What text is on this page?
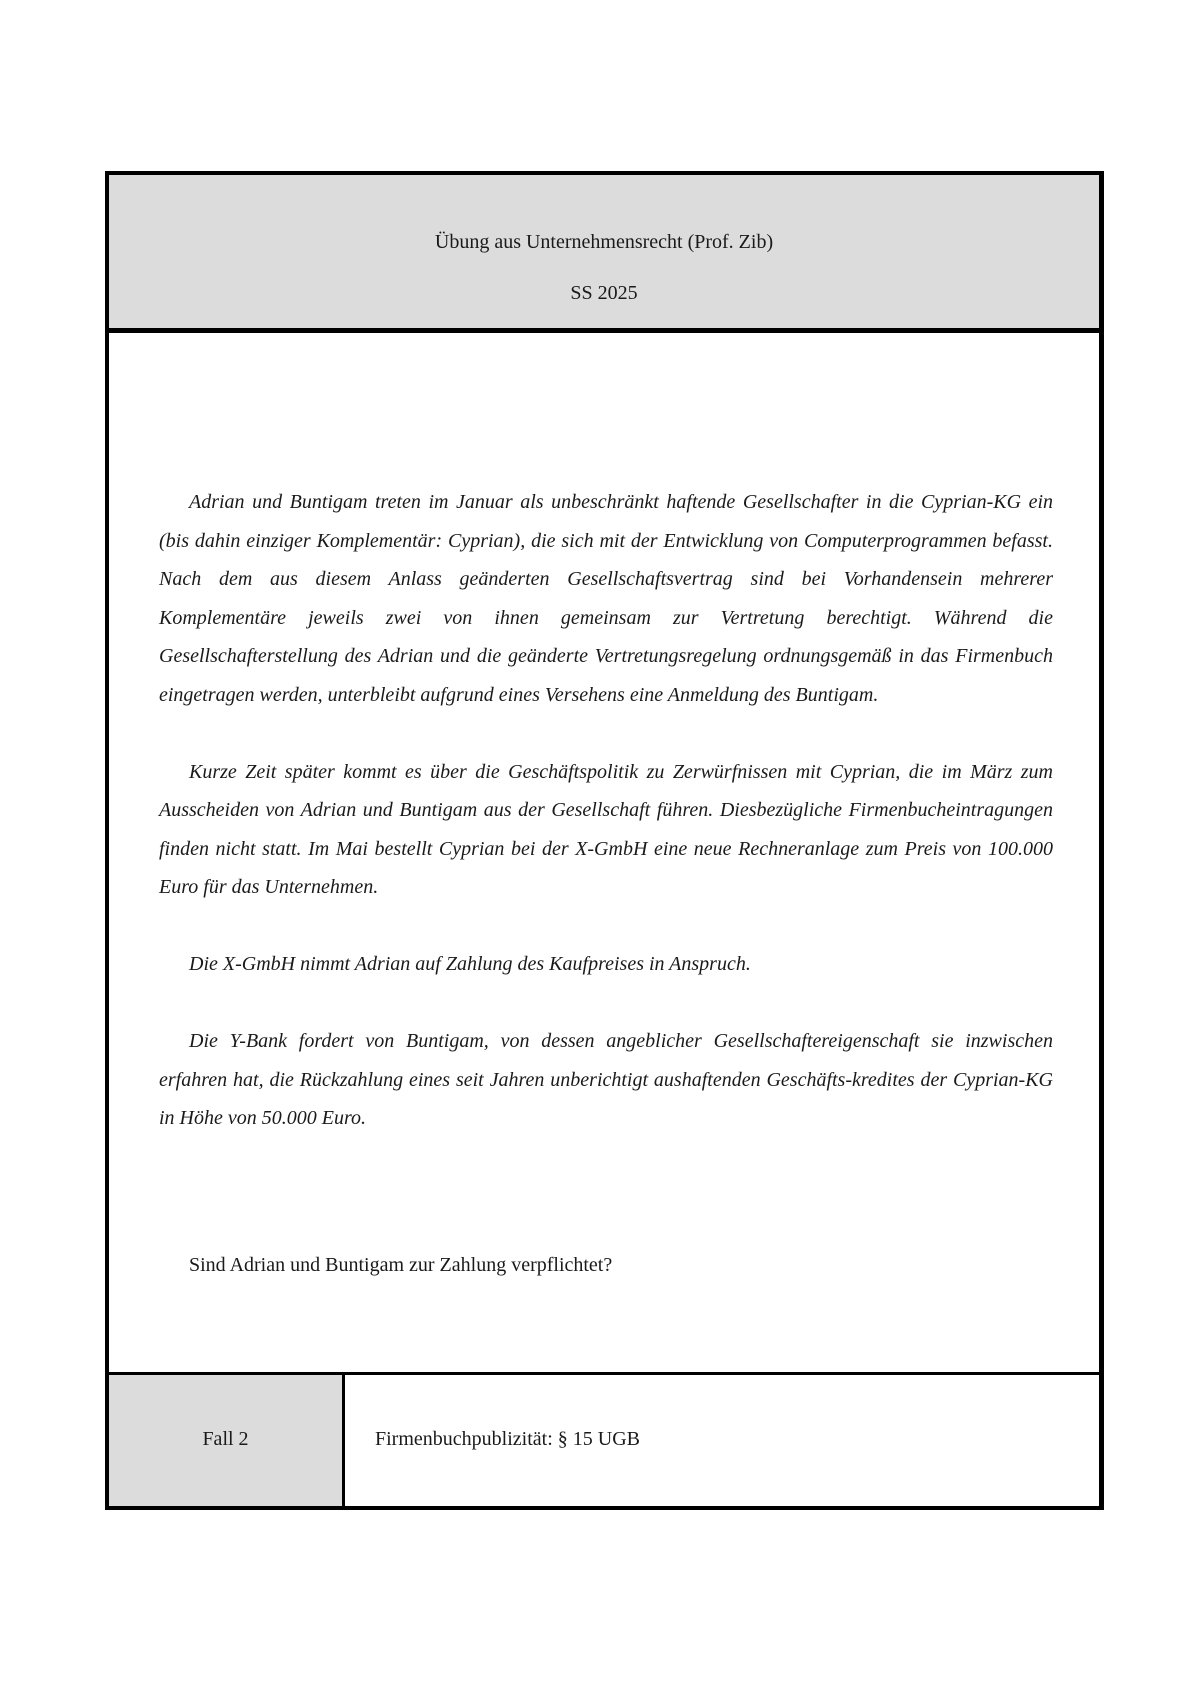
Übung aus Unternehmensrecht (Prof. Zib)
SS 2025

Adrian und Buntigam treten im Januar als unbeschränkt haftende Gesellschafter in die Cyprian-KG ein (bis dahin einziger Komplementär: Cyprian), die sich mit der Entwicklung von Computerprogrammen befasst. Nach dem aus diesem Anlass geänderten Gesellschaftsvertrag sind bei Vorhandensein mehrerer Komplementäre jeweils zwei von ihnen gemeinsam zur Vertretung berechtigt. Während die Gesellschafterstellung des Adrian und die geänderte Vertretungsregelung ordnungsgemäß in das Firmenbuch eingetragen werden, unterbleibt aufgrund eines Versehens eine Anmeldung des Buntigam.

Kurze Zeit später kommt es über die Geschäftspolitik zu Zerwürfnissen mit Cyprian, die im März zum Ausscheiden von Adrian und Buntigam aus der Gesellschaft führen. Diesbezügliche Firmenbucheintragungen finden nicht statt. Im Mai bestellt Cyprian bei der X-GmbH eine neue Rechneranlage zum Preis von 100.000 Euro für das Unternehmen.

Die X-GmbH nimmt Adrian auf Zahlung des Kaufpreises in Anspruch.

Die Y-Bank fordert von Buntigam, von dessen angeblicher Gesellschaftereigenschaft sie inzwischen erfahren hat, die Rückzahlung eines seit Jahren unberichtigt aushaftenden Geschäfts-kredites der Cyprian-KG in Höhe von 50.000 Euro.

Sind Adrian und Buntigam zur Zahlung verpflichtet?
Fall 2	Firmenbuchpublizität: § 15 UGB
